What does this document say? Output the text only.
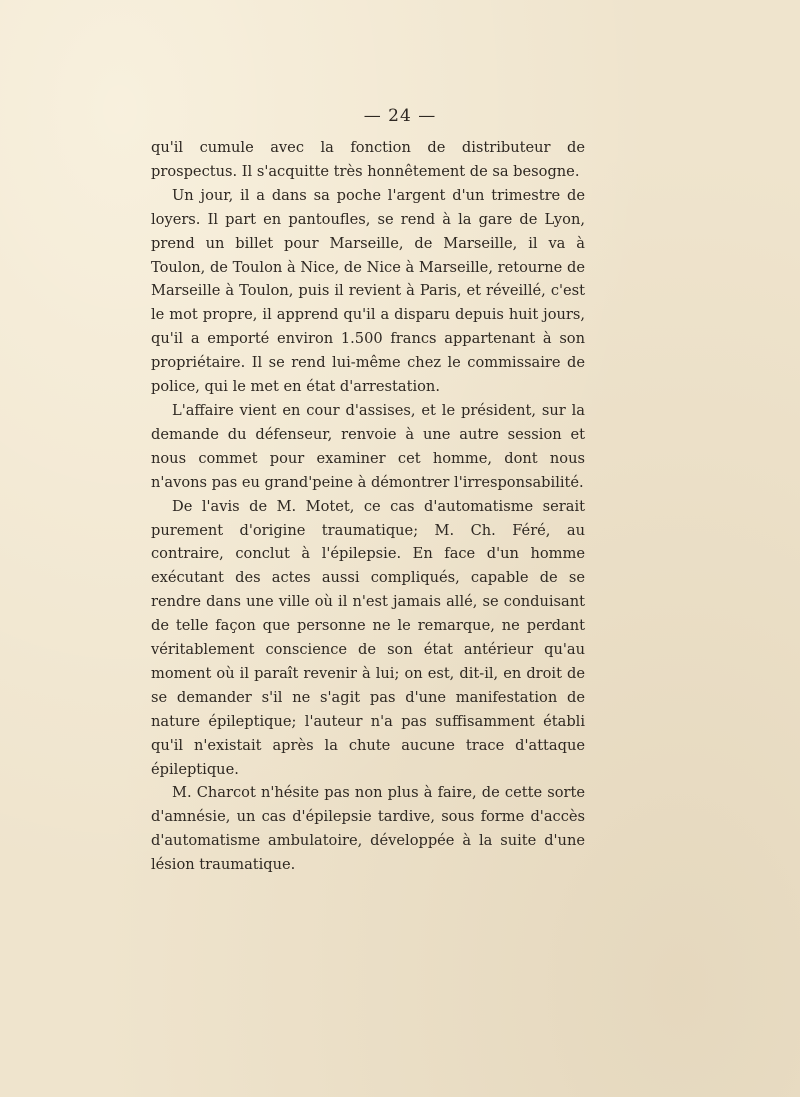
— 24 —

qu'il cumule avec la fonction de distributeur de prospectus. Il s'acquitte très honnêtement de sa besogne.

Un jour, il a dans sa poche l'argent d'un trimestre de loyers. Il part en pantoufles, se rend à la gare de Lyon, prend un billet pour Marseille, de Marseille, il va à Toulon, de Toulon à Nice, de Nice à Marseille, retourne de Marseille à Toulon, puis il revient à Paris, et réveillé, c'est le mot propre, il apprend qu'il a disparu depuis huit jours, qu'il a emporté environ 1.500 francs appartenant à son propriétaire. Il se rend lui-même chez le commissaire de police, qui le met en état d'arrestation.

L'affaire vient en cour d'assises, et le président, sur la demande du défenseur, renvoie à une autre session et nous commet pour examiner cet homme, dont nous n'avons pas eu grand'peine à démontrer l'irresponsabilité.

De l'avis de M. Motet, ce cas d'automatisme serait purement d'origine traumatique; M. Ch. Féré, au contraire, conclut à l'épilepsie. En face d'un homme exécutant des actes aussi compliqués, capable de se rendre dans une ville où il n'est jamais allé, se conduisant de telle façon que personne ne le remarque, ne perdant véritablement conscience de son état antérieur qu'au moment où il paraît revenir à lui; on est, dit-il, en droit de se demander s'il ne s'agit pas d'une manifestation de nature épileptique; l'auteur n'a pas suffisamment établi qu'il n'existait après la chute aucune trace d'attaque épileptique.

M. Charcot n'hésite pas non plus à faire, de cette sorte d'amnésie, un cas d'épilepsie tardive, sous forme d'accès d'automatisme ambulatoire, développée à la suite d'une lésion traumatique.
